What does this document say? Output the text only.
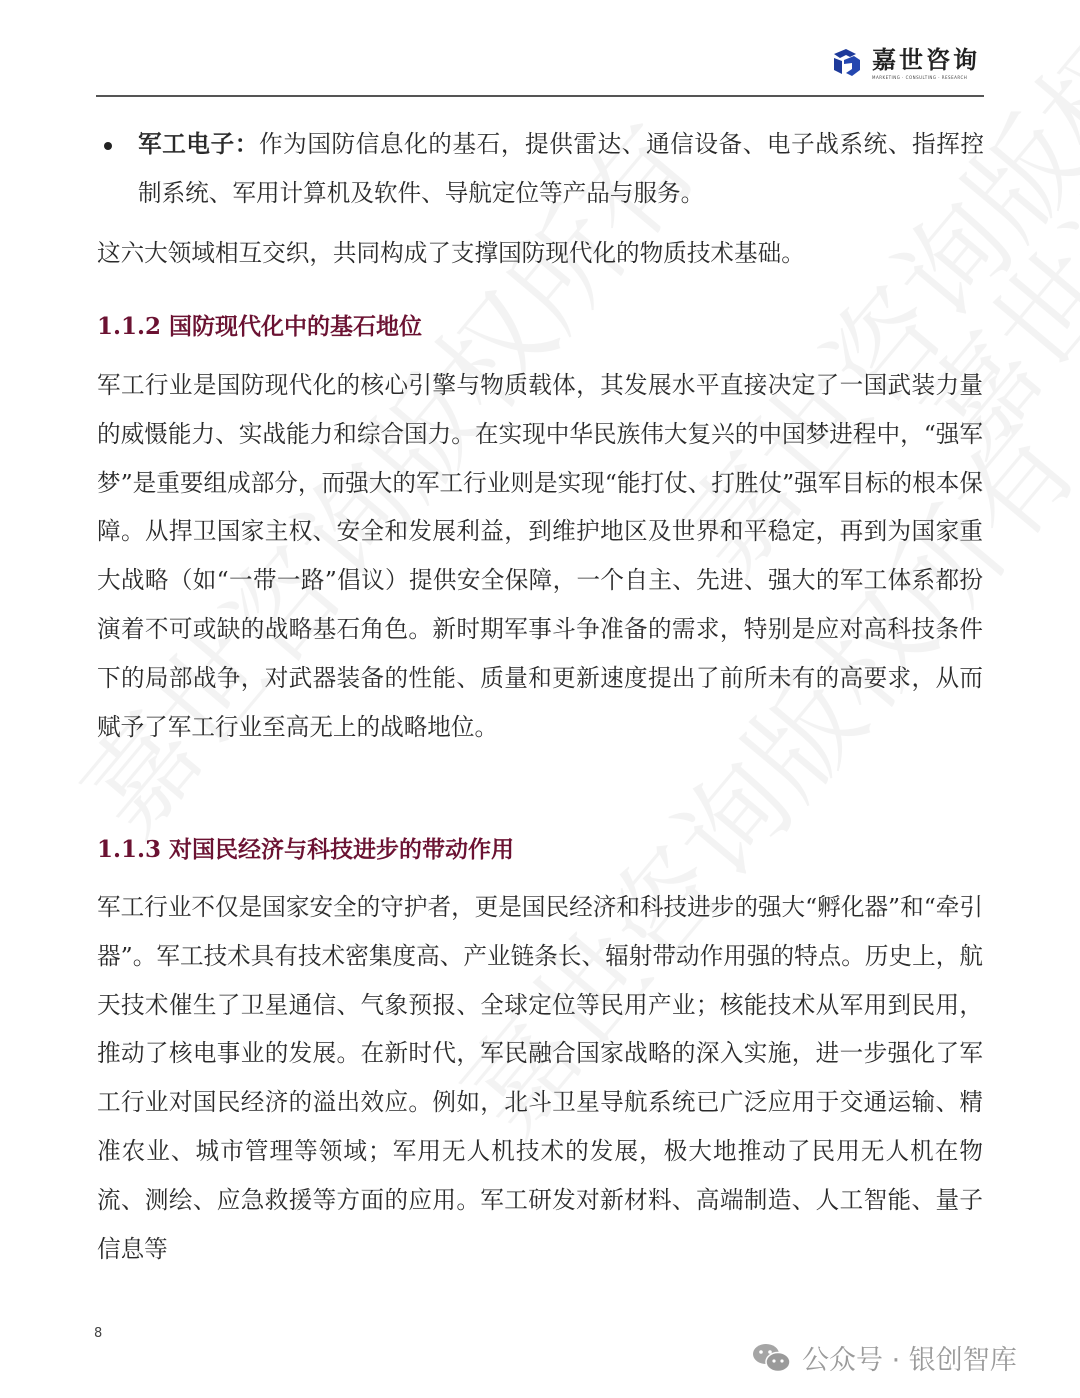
嘉世咨询
MARKETING · CONSULTING · RESEARCH
军工电子：作为国防信息化的基石，提供雷达、通信设备、电子战系统、指挥控制系统、军用计算机及软件、导航定位等产品与服务。
这六大领域相互交织，共同构成了支撑国防现代化的物质技术基础。
1.1.2 国防现代化中的基石地位
军工行业是国防现代化的核心引擎与物质载体，其发展水平直接决定了一国武装力量的威慑能力、实战能力和综合国力。在实现中华民族伟大复兴的中国梦进程中，“强军梦”是重要组成部分，而强大的军工行业则是实现“能打仗、打胜仗”强军目标的根本保障。从捍卫国家主权、安全和发展利益，到维护地区及世界和平稳定，再到为国家重大战略（如“一带一路”倡议）提供安全保障，一个自主、先进、强大的军工体系都扮演着不可或缺的战略基石角色。新时期军事斗争准备的需求，特别是应对高科技条件下的局部战争，对武器装备的性能、质量和更新速度提出了前所未有的高要求，从而赋予了军工行业至高无上的战略地位。
1.1.3 对国民经济与科技进步的带动作用
军工行业不仅是国家安全的守护者，更是国民经济和科技进步的强大“孵化器”和“牵引器”。军工技术具有技术密集度高、产业链条长、辐射带动作用强的特点。历史上，航天技术催生了卫星通信、气象预报、全球定位等民用产业；核能技术从军用到民用，推动了核电事业的发展。在新时代，军民融合国家战略的深入实施，进一步强化了军工行业对国民经济的溢出效应。例如，北斗卫星导航系统已广泛应用于交通运输、精准农业、城市管理等领域；军用无人机技术的发展，极大地推动了民用无人机在物流、测绘、应急救援等方面的应用。军工研发对新材料、高端制造、人工智能、量子信息等
8
公众号 · 银创智库
